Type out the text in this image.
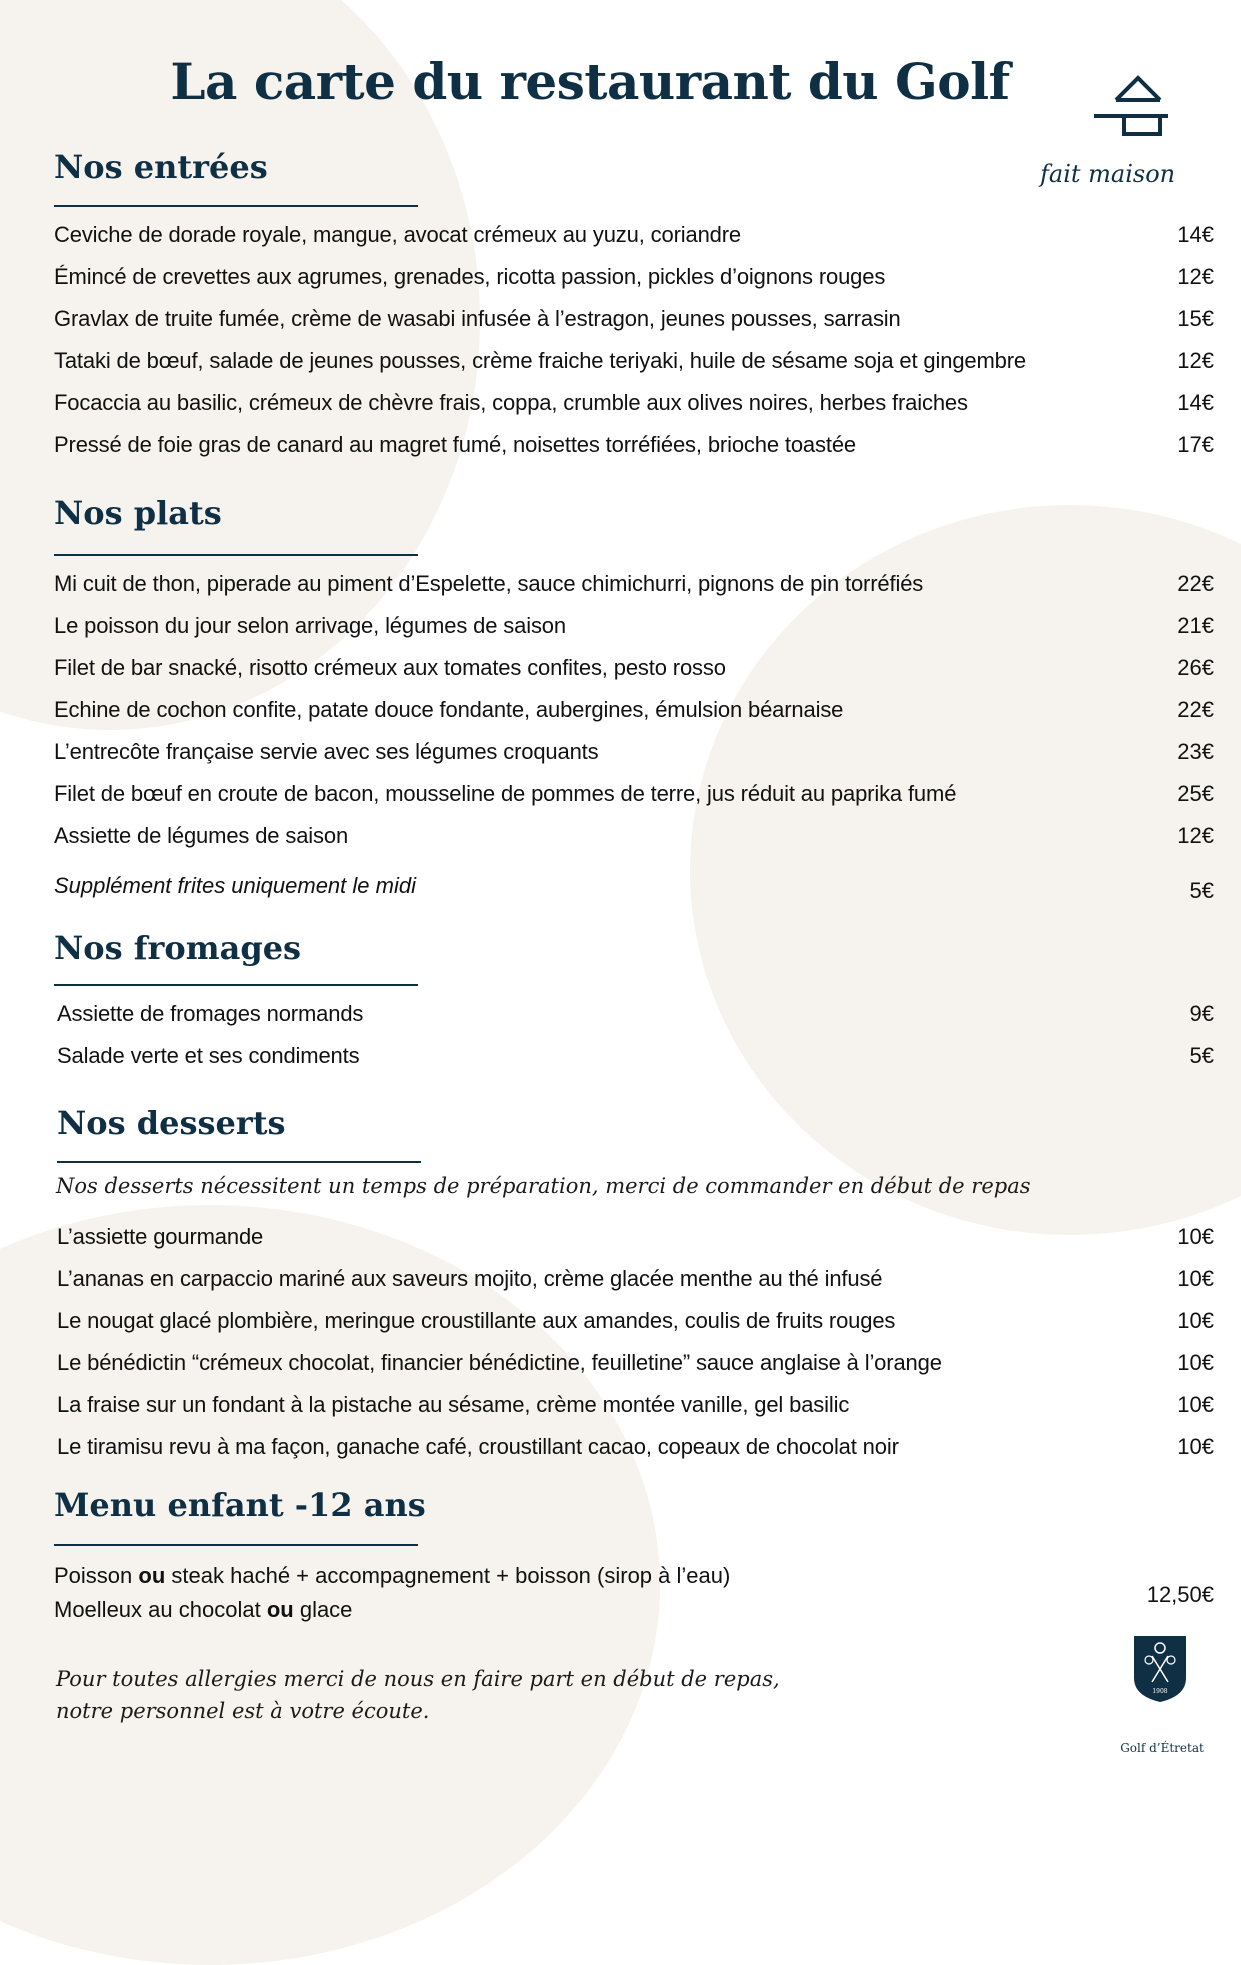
La carte du restaurant du Golf
fait maison
Nos entrées
Ceviche de dorade royale, mangue, avocat crémeux au yuzu, coriandre	14€
Émincé de crevettes aux agrumes, grenades, ricotta passion, pickles d’oignons rouges	12€
Gravlax de truite fumée, crème de wasabi infusée à l’estragon, jeunes pousses, sarrasin	15€
Tataki de bœuf, salade de jeunes pousses, crème fraiche teriyaki, huile de sésame soja et gingembre	12€
Focaccia au basilic, crémeux de chèvre frais, coppa, crumble aux olives noires, herbes fraiches	14€
Pressé de foie gras de canard au magret fumé, noisettes torréfiées, brioche toastée	17€
Nos plats
Mi cuit de thon, piperade au piment d’Espelette, sauce chimichurri, pignons de pin torréfiés	22€
Le poisson du jour selon arrivage, légumes de saison	21€
Filet de bar snacké, risotto crémeux aux tomates confites, pesto rosso	26€
Echine de cochon confite, patate douce fondante, aubergines, émulsion béarnaise	22€
L’entrecôte française servie avec ses légumes croquants	23€
Filet de bœuf en croute de bacon, mousseline de pommes de terre, jus réduit au paprika fumé	25€
Assiette de légumes de saison	12€
Supplément frites uniquement le midi	5€
Nos fromages
Assiette de fromages normands	9€
Salade verte et ses condiments	5€
Nos desserts
Nos desserts nécessitent un temps de préparation, merci de commander en début de repas
L’assiette gourmande	10€
L’ananas en carpaccio mariné aux saveurs mojito, crème glacée menthe au thé infusé	10€
Le nougat glacé plombière, meringue croustillante aux amandes, coulis de fruits rouges	10€
Le bénédictin “crémeux chocolat, financier bénédictine, feuilletine” sauce anglaise à l’orange	10€
La fraise sur un fondant à la pistache au sésame, crème montée vanille, gel basilic	10€
Le tiramisu revu à ma façon, ganache café, croustillant cacao, copeaux de chocolat noir	10€
Menu enfant -12 ans
Poisson ou steak haché + accompagnement + boisson (sirop à l’eau)
Moelleux au chocolat ou glace
12,50€
Pour toutes allergies merci de nous en faire part en début de repas,
notre personnel est à votre écoute.
1908
Golf d’Étretat
